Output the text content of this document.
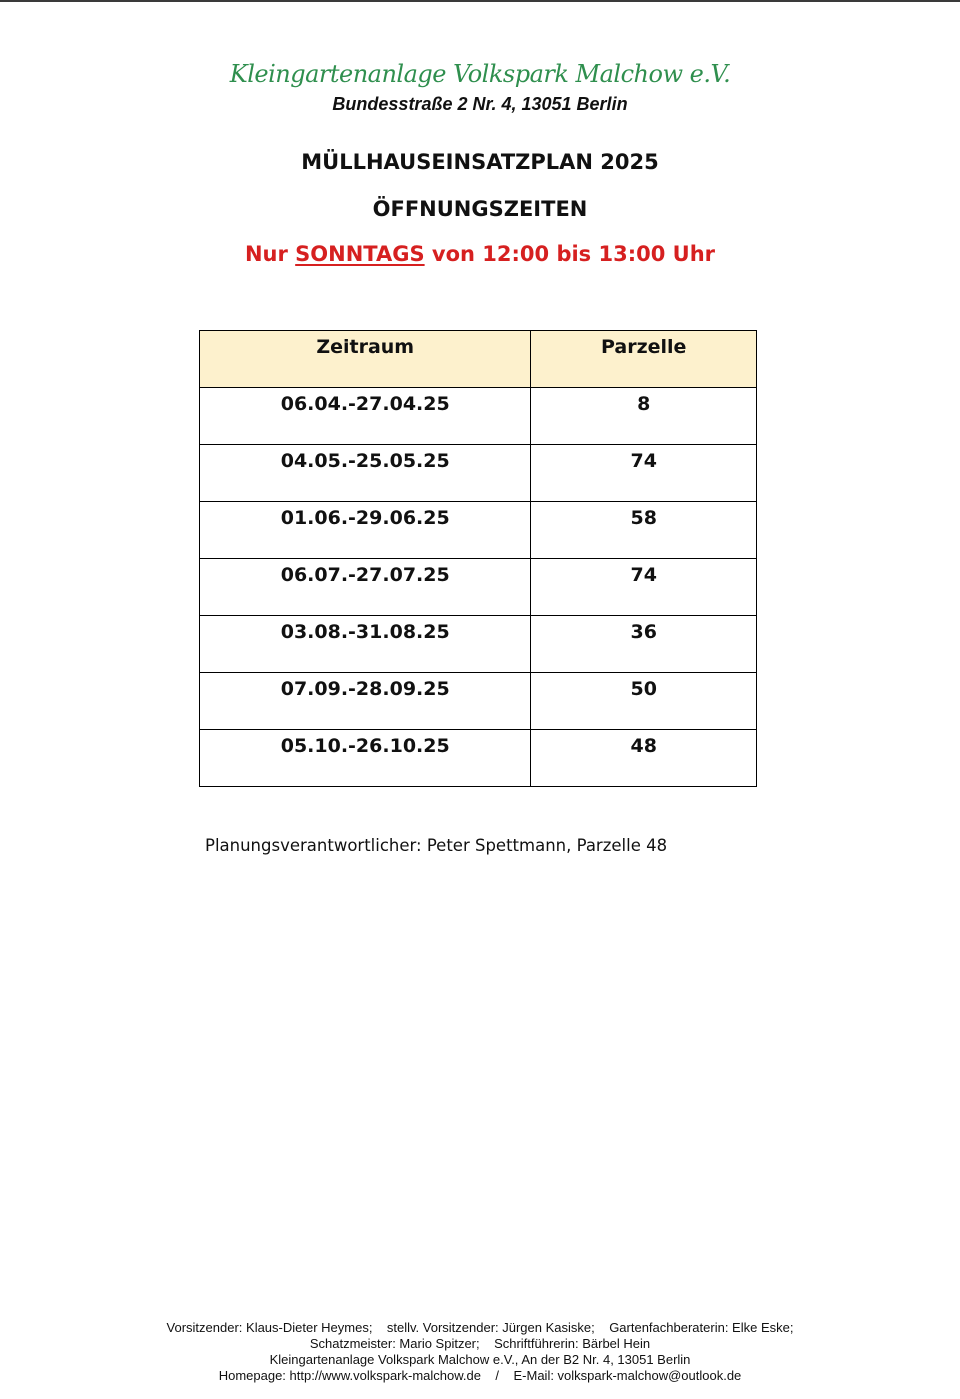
Kleingartenanlage Volkspark Malchow e.V.
Bundesstraße 2 Nr. 4, 13051 Berlin
MÜLLHAUSEINSATZPLAN 2025
ÖFFNUNGSZEITEN
Nur SONNTAGS von 12:00 bis 13:00 Uhr
Zeitraum	Parzelle
06.04.-27.04.25	8
04.05.-25.05.25	74
01.06.-29.06.25	58
06.07.-27.07.25	74
03.08.-31.08.25	36
07.09.-28.09.25	50
05.10.-26.10.25	48
Planungsverantwortlicher: Peter Spettmann, Parzelle 48
Vorsitzender: Klaus-Dieter Heymes;    stellv. Vorsitzender: Jürgen Kasiske;    Gartenfachberaterin: Elke Eske;
Schatzmeister: Mario Spitzer;    Schriftführerin: Bärbel Hein
Kleingartenanlage Volkspark Malchow e.V., An der B2 Nr. 4, 13051 Berlin
Homepage: http://www.volkspark-malchow.de    /    E-Mail: volkspark-malchow@outlook.de
